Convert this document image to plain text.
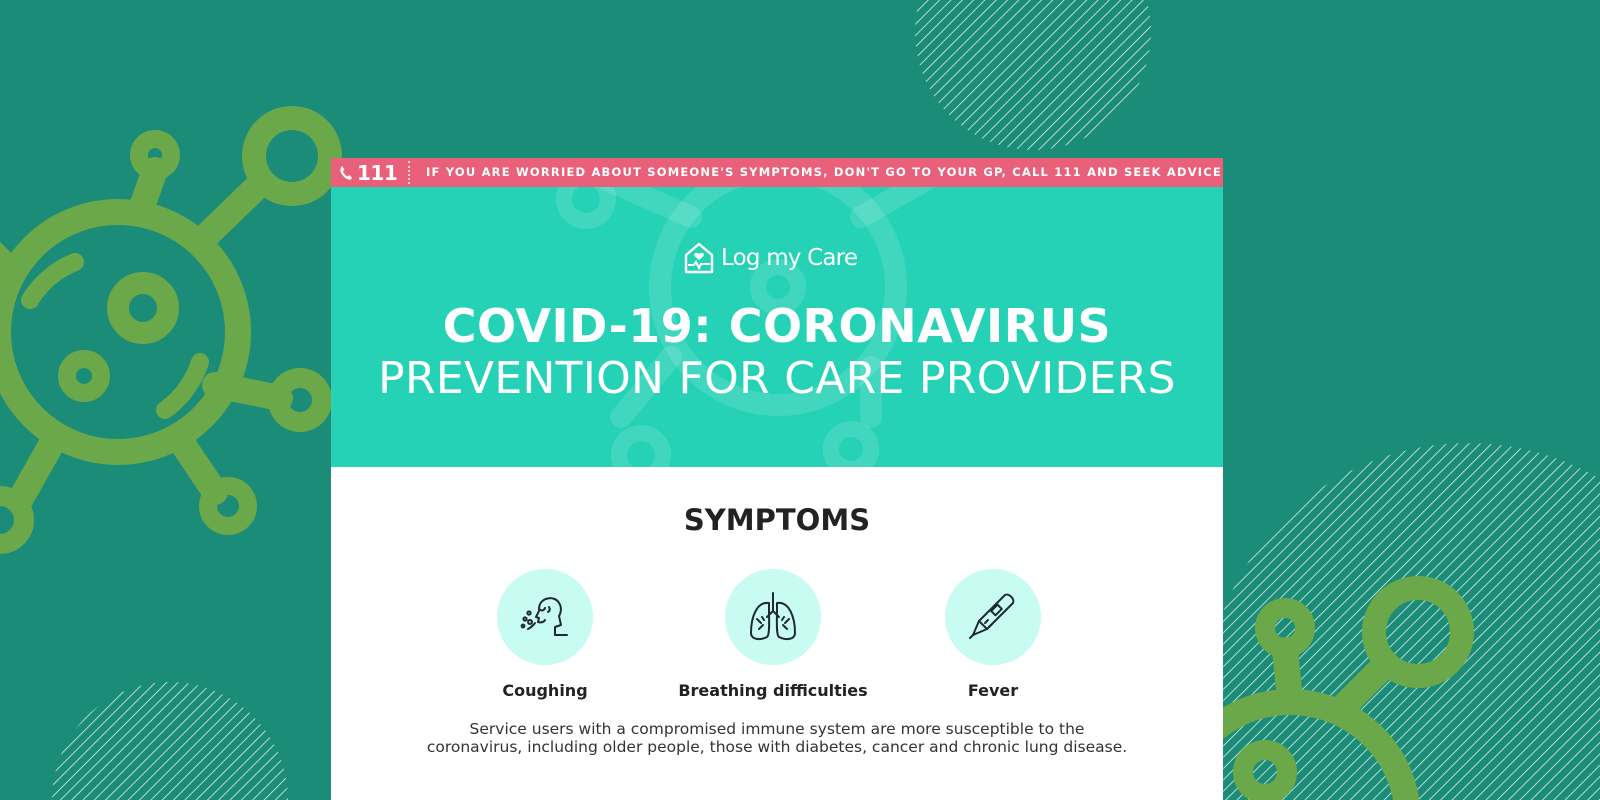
111	IF YOU ARE WORRIED ABOUT SOMEONE'S SYMPTOMS, DON'T GO TO YOUR GP, CALL 111 AND SEEK ADVICE
Log my Care
COVID-19: CORONAVIRUS
PREVENTION FOR CARE PROVIDERS
SYMPTOMS
Coughing	Breathing difficulties	Fever
Service users with a compromised immune system are more susceptible to the
coronavirus, including older people, those with diabetes, cancer and chronic lung disease.
